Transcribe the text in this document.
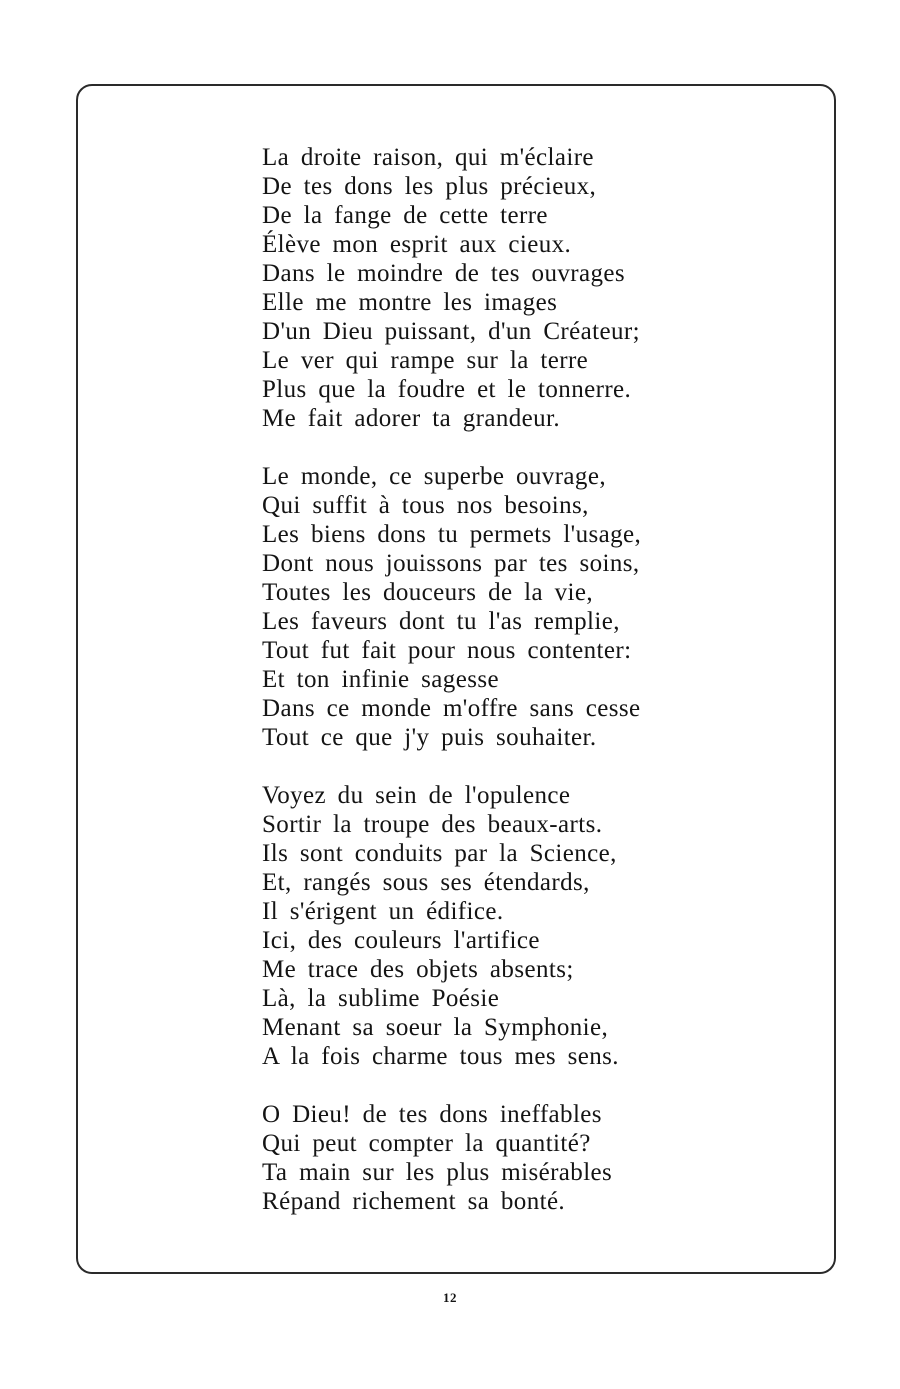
La droite raison, qui m'éclaire
De tes dons les plus précieux,
De la fange de cette terre
Élève mon esprit aux cieux.
Dans le moindre de tes ouvrages
Elle me montre les images
D'un Dieu puissant, d'un Créateur;
Le ver qui rampe sur la terre
Plus que la foudre et le tonnerre.
Me fait adorer ta grandeur.
Le monde, ce superbe ouvrage,
Qui suffit à tous nos besoins,
Les biens dons tu permets l'usage,
Dont nous jouissons par tes soins,
Toutes les douceurs de la vie,
Les faveurs dont tu l'as remplie,
Tout fut fait pour nous contenter:
Et ton infinie sagesse
Dans ce monde m'offre sans cesse
Tout ce que j'y puis souhaiter.
Voyez du sein de l'opulence
Sortir la troupe des beaux-arts.
Ils sont conduits par la Science,
Et, rangés sous ses étendards,
Il s'érigent un édifice.
Ici, des couleurs l'artifice
Me trace des objets absents;
Là, la sublime Poésie
Menant sa soeur la Symphonie,
A la fois charme tous mes sens.
O Dieu! de tes dons ineffables
Qui peut compter la quantité?
Ta main sur les plus misérables
Répand richement sa bonté.
12
